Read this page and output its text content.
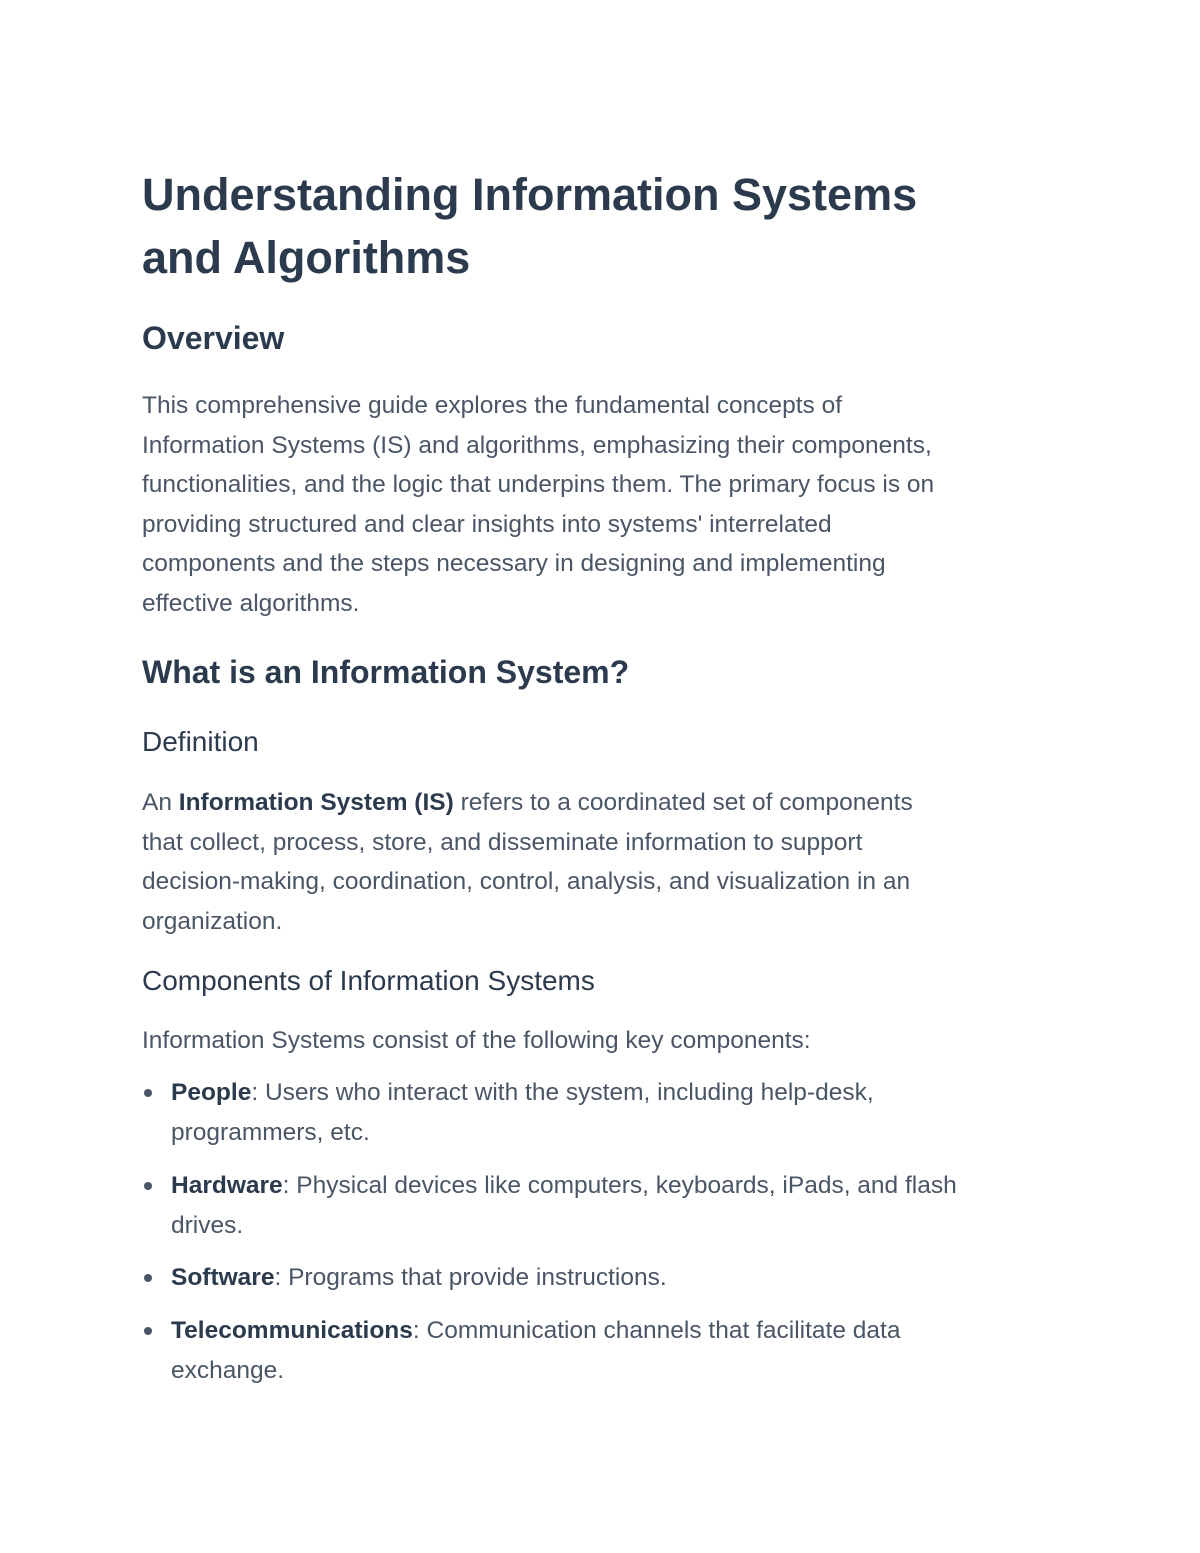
Understanding Information Systems
and Algorithms
Overview
This comprehensive guide explores the fundamental concepts of
Information Systems (IS) and algorithms, emphasizing their components,
functionalities, and the logic that underpins them. The primary focus is on
providing structured and clear insights into systems' interrelated
components and the steps necessary in designing and implementing
effective algorithms.
What is an Information System?
Definition
An Information System (IS) refers to a coordinated set of components
that collect, process, store, and disseminate information to support
decision-making, coordination, control, analysis, and visualization in an
organization.
Components of Information Systems
Information Systems consist of the following key components:
People: Users who interact with the system, including help-desk,
programmers, etc.
Hardware: Physical devices like computers, keyboards, iPads, and flash
drives.
Software: Programs that provide instructions.
Telecommunications: Communication channels that facilitate data
exchange.
